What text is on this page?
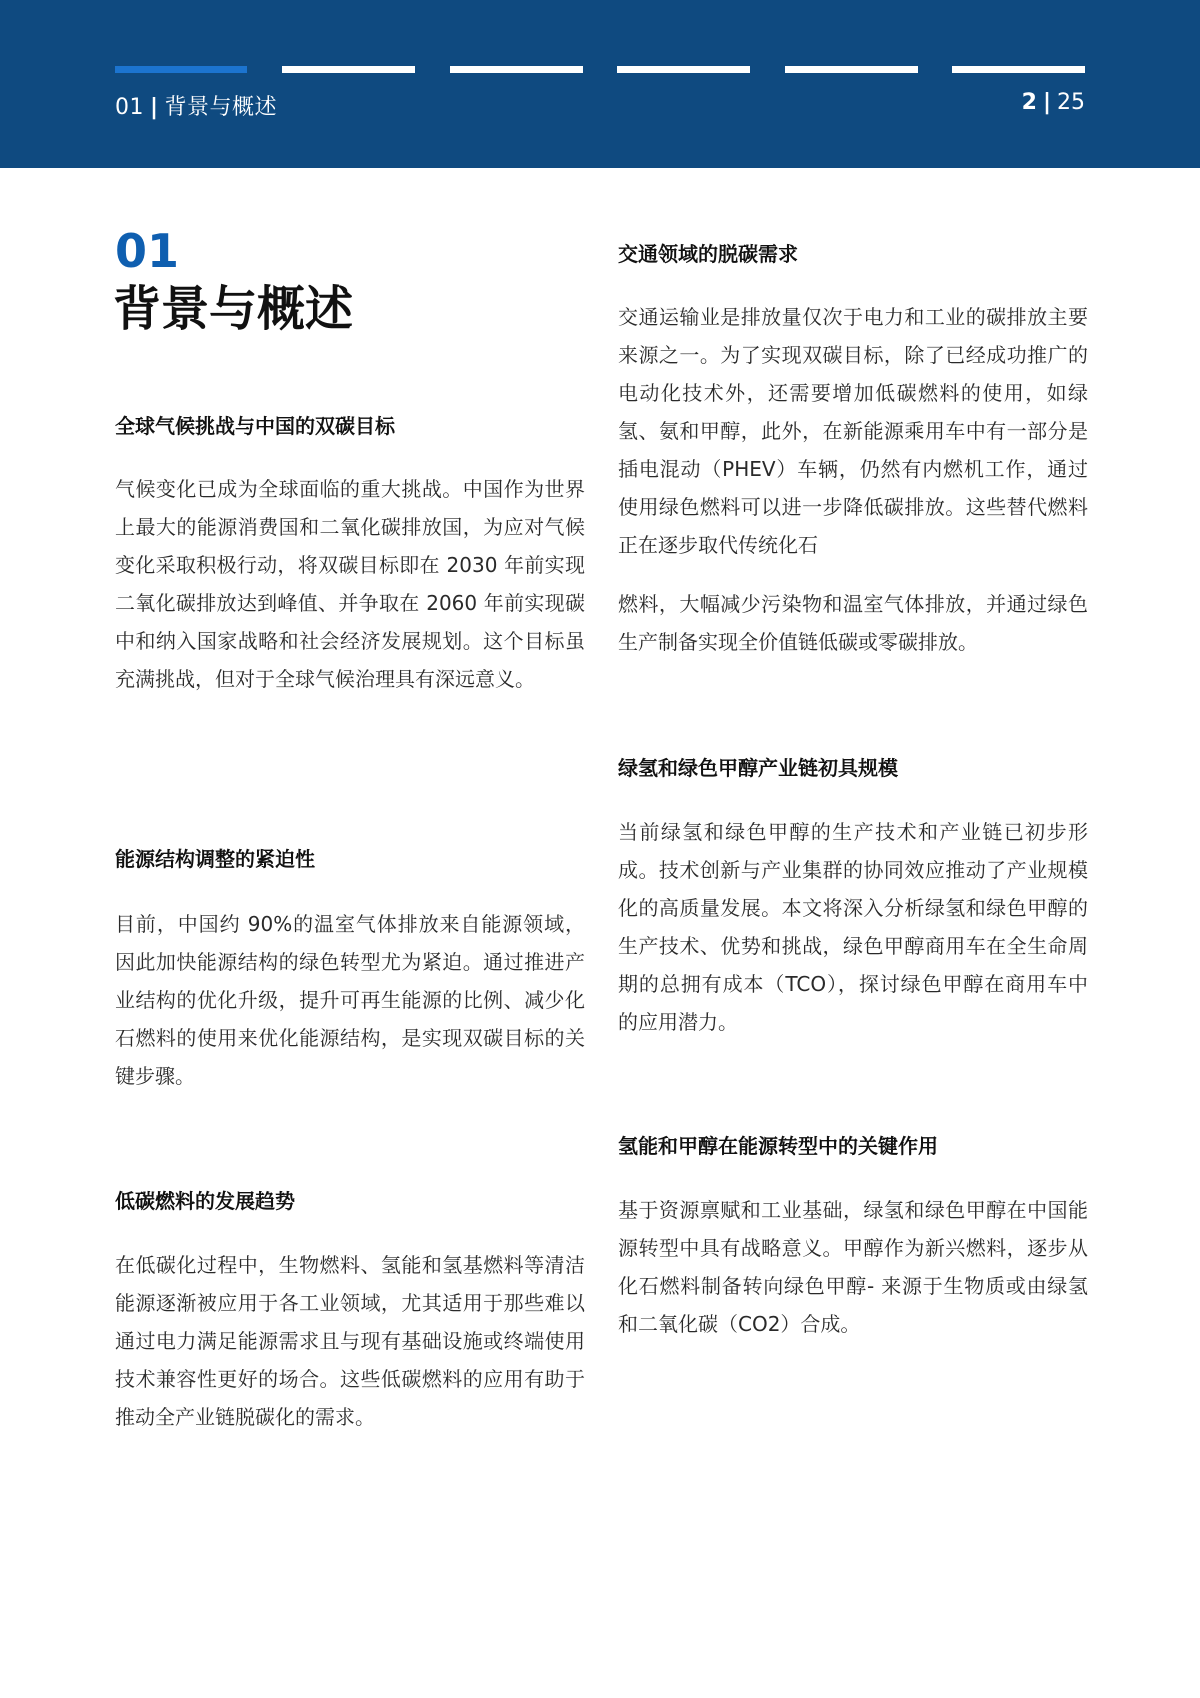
01 | 背景与概述	2 | 25
01
背景与概述
全球气候挑战与中国的双碳目标
气候变化已成为全球面临的重大挑战。中国作为世界上最大的能源消费国和二氧化碳排放国，为应对气候变化采取积极行动，将双碳目标即在 2030 年前实现二氧化碳排放达到峰值、并争取在 2060 年前实现碳中和纳入国家战略和社会经济发展规划。这个目标虽充满挑战，但对于全球气候治理具有深远意义。
能源结构调整的紧迫性
目前，中国约 90%的温室气体排放来自能源领域，因此加快能源结构的绿色转型尤为紧迫。通过推进产业结构的优化升级，提升可再生能源的比例、减少化石燃料的使用来优化能源结构，是实现双碳目标的关键步骤。
低碳燃料的发展趋势
在低碳化过程中，生物燃料、氢能和氢基燃料等清洁能源逐渐被应用于各工业领域，尤其适用于那些难以通过电力满足能源需求且与现有基础设施或终端使用技术兼容性更好的场合。这些低碳燃料的应用有助于推动全产业链脱碳化的需求。
交通领域的脱碳需求
交通运输业是排放量仅次于电力和工业的碳排放主要来源之一。为了实现双碳目标，除了已经成功推广的电动化技术外，还需要增加低碳燃料的使用，如绿氢、氨和甲醇，此外，在新能源乘用车中有一部分是插电混动（PHEV）车辆，仍然有内燃机工作，通过使用绿色燃料可以进一步降低碳排放。这些替代燃料正在逐步取代传统化石
燃料，大幅减少污染物和温室气体排放，并通过绿色生产制备实现全价值链低碳或零碳排放。
绿氢和绿色甲醇产业链初具规模
当前绿氢和绿色甲醇的生产技术和产业链已初步形成。技术创新与产业集群的协同效应推动了产业规模化的高质量发展。本文将深入分析绿氢和绿色甲醇的生产技术、优势和挑战，绿色甲醇商用车在全生命周期的总拥有成本（TCO），探讨绿色甲醇在商用车中的应用潜力。
氢能和甲醇在能源转型中的关键作用
基于资源禀赋和工业基础，绿氢和绿色甲醇在中国能源转型中具有战略意义。甲醇作为新兴燃料，逐步从化石燃料制备转向绿色甲醇- 来源于生物质或由绿氢和二氧化碳（CO2）合成。
